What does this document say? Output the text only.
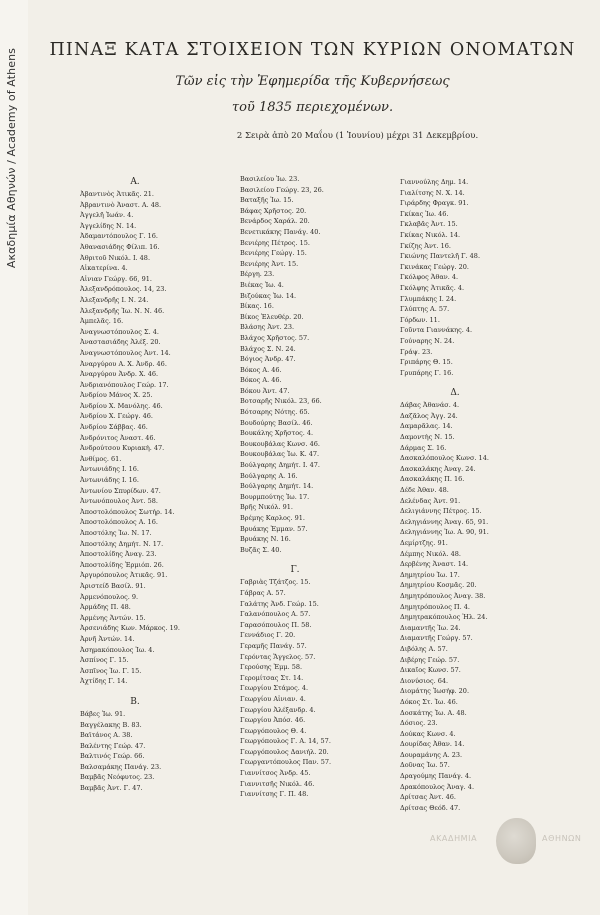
Ακαδημία Αθηνών / Academy of Athens	ΠΙΝΑΞ ΚΑΤΑ ΣΤΟΙΧΕΙΟΝ ΤΩΝ ΚΥΡΙΩΝ ΟΝΟΜΑΤΩΝ
Τῶν εἰς τὴν Ἐφημερίδα τῆς Κυβερνήσεως
τοῦ 1835 περιεχομένων.
2 Σειρὰ ἀπὸ 20 Μαΐου (1 Ἰουνίου) μέχρι 31 Δεκεμβρίου.
Α.
Ἀβαντινὸς Ἀτικᾶς. 21.
Ἀβραντινὸ Ἀναστ. Α. 48.
Ἀγγελῆ Ἰωάν. 4.
Ἀγγελίδης Ν. 14.
Ἀδαμαντόπουλος Γ. 16.
Ἀθανασιάδης Φίλιπ. 16.
Ἀθριτοῦ Νικόλ. Ι. 48.
Αἰκατερίνα. 4.
Αἰνιαν Γεώργ. 66, 91.
Ἀλεξανδρόπουλος. 14, 23.
Ἀλεξανδρῆς Ι. Ν. 24.
Ἀλεξανδρῆς Ἰω. Ν. Ν. 46.
Ἀμπελᾶς. 16.
Ἀναγνωστόπουλος Σ. 4.
Ἀναστασιάδης Ἀλέξ. 20.
Ἀναγνωστόπουλος Ἀντ. 14.
Ἀναργύρου Α. Χ. Ἀνδρ. 46.
Ἀναργύρου Ἀνδρ. Χ. 46.
Ἀνδριανόπουλος Γεώρ. 17.
Ἀνδρίου Μάνος Χ. 25.
Ἀνδρίου Χ. Μανόλης. 46.
Ἀνδρίου Χ. Γεώργ. 46.
Ἀνδρίου Σάββας. 46.
Ἀνδρόνιτος Ἀναστ. 46.
Ἀνδρούτσου Κυριακὴ. 47.
Ἀνθίμος. 61.
Ἀντωνιάδης Ι. 16.
Ἀντωνιάδης Ι. 16.
Ἀντωνίου Σπυρίδων. 47.
Ἀντωνόπουλος Ἀντ. 58.
Ἀποστολόπουλος Σωτήρ. 14.
Ἀποστολόπουλος Α. 16.
Ἀποστόλης Ἰω. Ν. 17.
Ἀποστόλης Δημήτ. Ν. 17.
Ἀποστολίδης Ἀναγ. 23.
Ἀποστολίδης Ἐρμιόπ. 26.
Ἀργυρόπουλος Ἀτικᾶς. 91.
Ἀριστείδ Βασίλ. 91.
Ἀρμενόπουλος. 9.
Ἀρμάδης Π. 48.
Ἀρμένης Ἀντών. 15.
Ἀρσενιάδης Κων. Μάρκος. 19.
Ἀρνῆ Ἀντών. 14.
Ἀσημακόπουλος Ἰω. 4.
Ἀσπίνος Γ. 15.
Ἀσπῖνος Ἰω. Γ. 15.
Ἀχτίδης Γ. 14.
Β.
Βάβες Ἰω. 91.
Βαγγέλακης Β. 83.
Βαϊτάνος Α. 38.
Βαλέντης Γεώρ. 47.
Βαλτινός Γεώρ. 66.
Βαλσαμάκης Πανάγ. 23.
Βαμβᾶς Νεόφυτος. 23.
Βαμβᾶς Ἀντ. Γ. 47.
Βασιλείου Ἰω. 23.
Βασιλείου Γεώργ. 23, 26.
Βαταξῆς Ἰω. 15.
Βάφας Χρῆστος. 20.
Βενάρδος Χαράλ. 20.
Βενετικάκης Πανάγ. 40.
Βενιέρης Πέτρος. 15.
Βενιέρης Γεώργ. 15.
Βενιέρης Ἀντ. 15.
Βέργη. 23.
Βιέκας Ἰω. 4.
Βιζούκας Ἰω. 14.
Βίκας. 16.
Βίκος Ἐλευθέρ. 20.
Βλάσης Ἀντ. 23.
Βλάχος Χρῆστος. 57.
Βλάχος Σ. Ν. 24.
Βόγιος Ἀνδρ. 47.
Βόκος Α. 46.
Βόκος Α. 46.
Βόκου Ἀντ. 47.
Βοτσαρῆς Νικόλ. 23, 66.
Βότσαρης Νότης. 65.
Βουδούρης Βασίλ. 46.
Βουκάλης Χρῆστος. 4.
Βουκουβάλας Κωνσ. 46.
Βουκουβάλας Ἰω. Κ. 47.
Βούλγαρης Δημήτ. Ι. 47.
Βούλγαρης Α. 16.
Βούλγαρης Δημήτ. 14.
Βουρμπούτης Ἰω. 17.
Βρῆς Νικόλ. 91.
Βρέμης Καρλος. 91.
Βρυάκης Ἐμμαν. 57.
Βρυάκης Ν. 16.
Βυζᾶς Σ. 40.
Γ.
Γαβριὰς Τζάτζος. 15.
Γάβρας Α. 57.
Γαλάτης Ἀνδ. Γεώρ. 15.
Γαλανόπουλος Α. 57.
Γαρασόπουλος Π. 58.
Γεννάδιος Γ. 20.
Γεραμῆς Πανάγ. 57.
Γερόντας Ἄγγελος. 57.
Γερούσης Ἐμμ. 58.
Γερομίτσας Στ. 14.
Γεωργίου Στάμος. 4.
Γεωργίου Αἰνιαν. 4.
Γεωργίου Ἀλέξανδρ. 4.
Γεωργίου Ἀπόσ. 46.
Γεωργόπουλος Θ. 4.
Γεωργόπουλος Γ. Α. 14, 57.
Γεωργόπουλος Δανιήλ. 20.
Γεωργαντόπουλος Παν. 57.
Γιαννίτσος Ἀνδρ. 45.
Γιαννιτσῆς Νικόλ. 46.
Γιαννίτσης Γ. Π. 48.
Γιαννούλης Δημ. 14.
Γιαλίτσης Ν. Χ. 14.
Γιράρδης Φραγκ. 91.
Γκίκας Ἰω. 46.
Γκλαβᾶς Ἀντ. 15.
Γκίκας Νικόλ. 14.
Γκίζης Ἀντ. 16.
Γκιώνης Παντελῆ Γ. 48.
Γκινάκας Γεώργ. 20.
Γκόλφος Ἀθαν. 4.
Γκόλφης Ἀτικᾶς. 4.
Γλυμπάκης Ι. 24.
Γλύπτης Α. 57.
Γόρδων. 11.
Γοῦντα Γιαννάκης. 4.
Γούναρης Ν. 24.
Γράψ. 23.
Γριπάρης Θ. 15.
Γρυπάρης Γ. 16.
Δ.
Δάβας Ἀθανάσ. 4.
Δαζᾶλος Ἀγγ. 24.
Δαμαρᾶλας. 14.
Δαμοντὴς Ν. 15.
Δάρμας Σ. 16.
Δασκαλόπουλος Κωνσ. 14.
Δασκαλάκης Ἀναγ. 24.
Δασκαλάκης Π. 16.
Δέδε Ἀθαν. 48.
Δελένδας Ἀντ. 91.
Δελιγιάννης Πέτρος. 15.
Δεληγιάννης Ἀναγ. 65, 91.
Δεληγιάννης Ἰω. Α. 90, 91.
Δεμίρτζης. 91.
Δέμπης Νικόλ. 48.
Δερβένης Ἀναστ. 14.
Δημητρίου Ἰω. 17.
Δημητρίου Κοσμᾶς. 20.
Δημητρόπουλος Ἀναγ. 38.
Δημητρόπουλος Π. 4.
Δημητρακόπουλος Ἠλ. 24.
Διαμαντῆς Ἰω. 24.
Διαμαντῆς Γεώργ. 57.
Διβόλης Α. 57.
Διβέρης Γεώρ. 57.
Δικαῖος Κωνσ. 57.
Διονύσιος. 64.
Διομάτης Ἰωσήφ. 20.
Δόκος Στ. Ἰω. 46.
Δοσκάτης Ἰω. Α. 48.
Δόσιος. 23.
Δούκας Κωνσ. 4.
Δουρίδας Ἀθαν. 14.
Δουραμάνης Α. 23.
Δοῦνας Ἰω. 57.
Δραγούμης Πανάγ. 4.
Δρακόπουλος Ἀναγ. 4.
Δρίτσας Ἀντ. 46.
Δρίτσας Θεόδ. 47.
ΑΚΑΔΗΜΙΑ	ΑΘΗΝΩΝ
